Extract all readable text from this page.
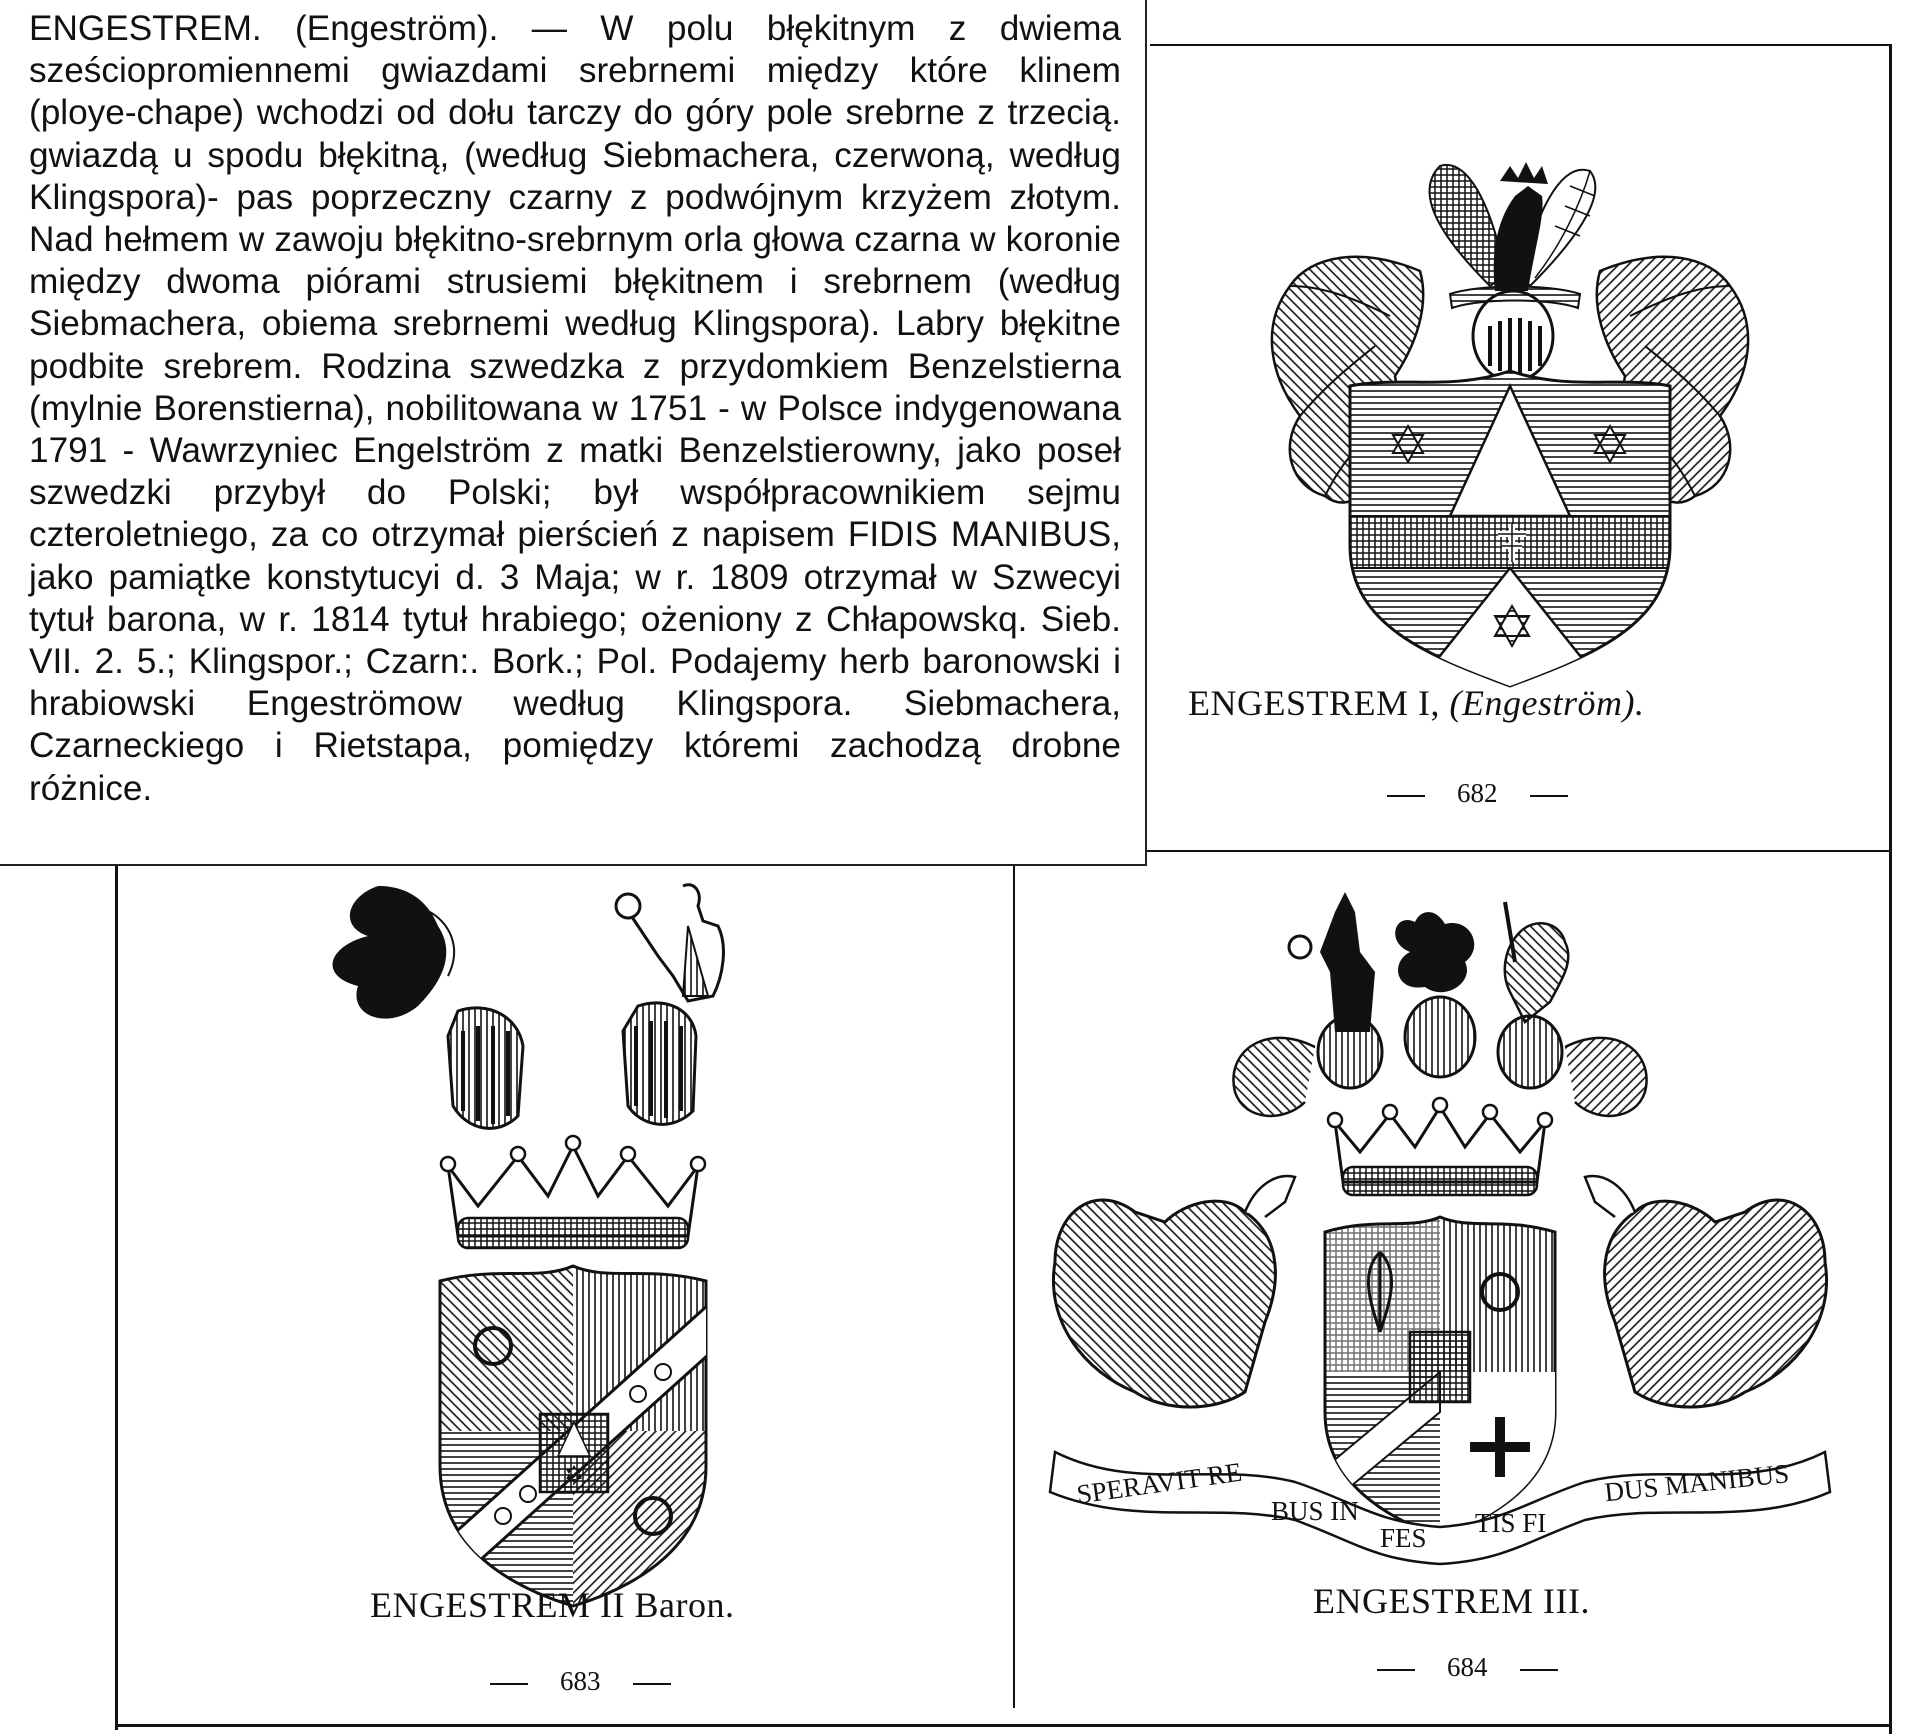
ENGESTREM. (Engeström). — W polu błękitnym z dwiema sześciopromiennemi gwiazdami srebrnemi między które klinem (ploye-chape) wchodzi od dołu tarczy do góry pole srebrne z trzecią. gwiazdą u spodu błękitną, (według Siebmachera, czerwoną, według Klingspora)- pas poprzeczny czarny z podwójnym krzyżem złotym. Nad hełmem w zawoju błękitno-srebrnym orla głowa czarna w koronie między dwoma piórami strusiemi błękitnem i srebrnem (według Siebmachera, obiema srebrnemi według Klingspora). Labry błękitne podbite srebrem. Rodzina szwedzka z przydomkiem Benzelstierna (mylnie Borenstierna), nobilitowana w 1751 - w Polsce indygenowana 1791 - Wawrzyniec Engelström z matki Benzelstierowny, jako poseł szwedzki przybył do Polski; był współpracownikiem sejmu czteroletniego, za co otrzymał pierścień z napisem FIDIS MANIBUS, jako pamiątke konstytucyi d. 3 Maja; w r. 1809 otrzymał w Szwecyi tytuł barona, w r. 1814 tytuł hrabiego; ożeniony z Chłapowskq. Sieb. VII. 2. 5.; Klingspor.; Czarn:. Bork.; Pol. Podajemy herb baronowski i hrabiowski Engeströmow według Klingspora. Siebmachera, Czarneckiego i Rietstapa, pomiędzy któremi zachodzą drobne różnice.

ENGESTREM I, (Engeström).
682
ENGESTREM II Baron.
683
SPERAVIT RE
BUS IN
FES TIS FI
DUS MANIBUS
ENGESTREM III.
684
